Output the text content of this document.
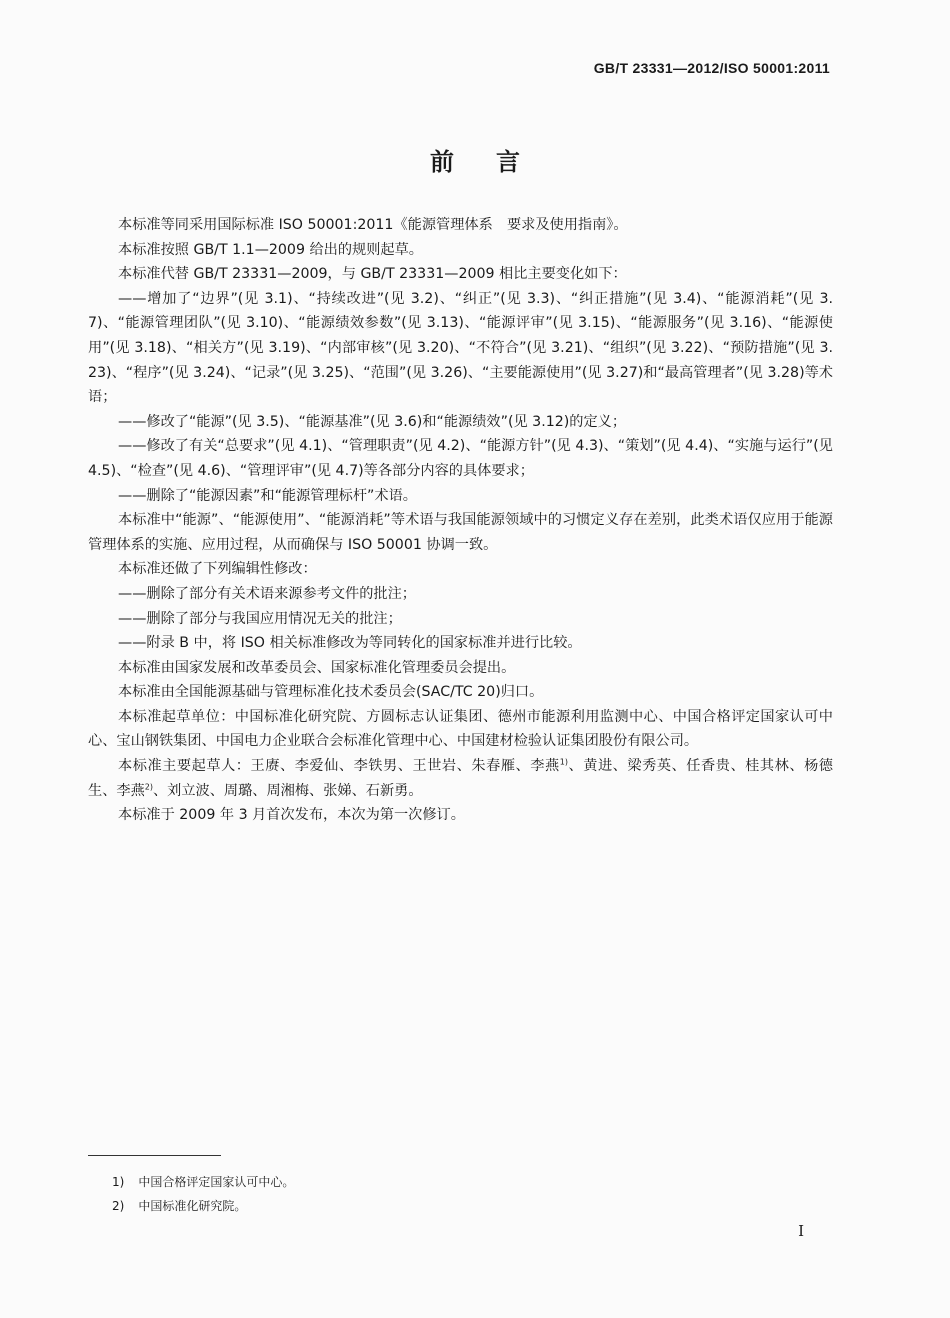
GB/T 23331—2012/ISO 50001:2011
前言

本标准等同采用国际标准 ISO 50001:2011《能源管理体系　要求及使用指南》。

本标准按照 GB/T 1.1—2009 给出的规则起草。

本标准代替 GB/T 23331—2009，与 GB/T 23331—2009 相比主要变化如下：

——增加了“边界”(见 3.1)、“持续改进”(见 3.2)、“纠正”(见 3.3)、“纠正措施”(见 3.4)、“能源消耗”(见 3.7)、“能源管理团队”(见 3.10)、“能源绩效参数”(见 3.13)、“能源评审”(见 3.15)、“能源服务”(见 3.16)、“能源使用”(见 3.18)、“相关方”(见 3.19)、“内部审核”(见 3.20)、“不符合”(见 3.21)、“组织”(见 3.22)、“预防措施”(见 3.23)、“程序”(见 3.24)、“记录”(见 3.25)、“范围”(见 3.26)、“主要能源使用”(见 3.27)和“最高管理者”(见 3.28)等术语；

——修改了“能源”(见 3.5)、“能源基准”(见 3.6)和“能源绩效”(见 3.12)的定义；

——修改了有关“总要求”(见 4.1)、“管理职责”(见 4.2)、“能源方针”(见 4.3)、“策划”(见 4.4)、“实施与运行”(见 4.5)、“检查”(见 4.6)、“管理评审”(见 4.7)等各部分内容的具体要求；

——删除了“能源因素”和“能源管理标杆”术语。

本标准中“能源”、“能源使用”、“能源消耗”等术语与我国能源领域中的习惯定义存在差别，此类术语仅应用于能源管理体系的实施、应用过程，从而确保与 ISO 50001 协调一致。

本标准还做了下列编辑性修改：

——删除了部分有关术语来源参考文件的批注；

——删除了部分与我国应用情况无关的批注；

——附录 B 中，将 ISO 相关标准修改为等同转化的国家标准并进行比较。

本标准由国家发展和改革委员会、国家标准化管理委员会提出。

本标准由全国能源基础与管理标准化技术委员会(SAC/TC 20)归口。

本标准起草单位：中国标准化研究院、方圆标志认证集团、德州市能源利用监测中心、中国合格评定国家认可中心、宝山钢铁集团、中国电力企业联合会标准化管理中心、中国建材检验认证集团股份有限公司。

本标准主要起草人：王赓、李爱仙、李铁男、王世岩、朱春雁、李燕$^{1)}$、黄进、梁秀英、任香贵、桂其林、杨德生、李燕$^{2)}$、刘立波、周璐、周湘梅、张娣、石新勇。

本标准于 2009 年 3 月首次发布，本次为第一次修订。

1) 中国合格评定国家认可中心。
2) 中国标准化研究院。
I
